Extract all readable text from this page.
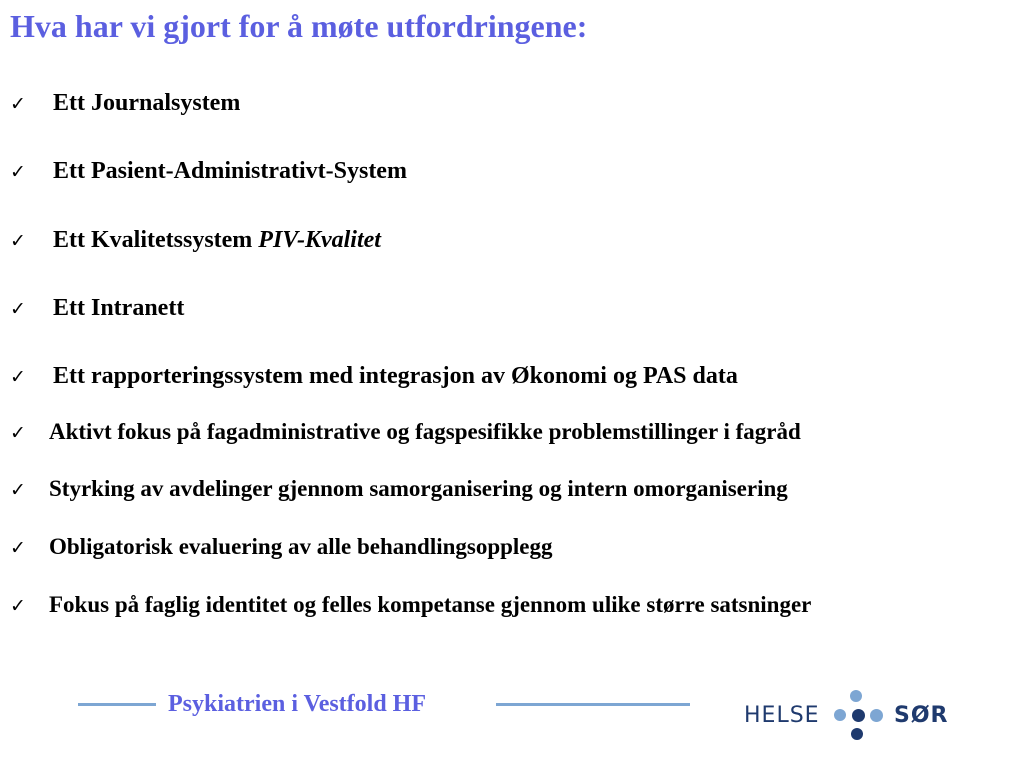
Hva har vi gjort for å møte utfordringene:
✓	Ett Journalsystem
✓	Ett Pasient-Administrativt-System
✓	Ett Kvalitetssystem PIV-Kvalitet
✓	Ett Intranett
✓	Ett rapporteringssystem med integrasjon av Økonomi og PAS data
✓	Aktivt fokus på fagadministrative og fagspesifikke problemstillinger i fagråd
✓	Styrking av avdelinger gjennom samorganisering og intern omorganisering
✓	Obligatorisk evaluering av alle behandlingsopplegg
✓	Fokus på faglig identitet og felles kompetanse gjennom ulike større satsninger
Psykiatrien i Vestfold HF	HELSE	SØR
